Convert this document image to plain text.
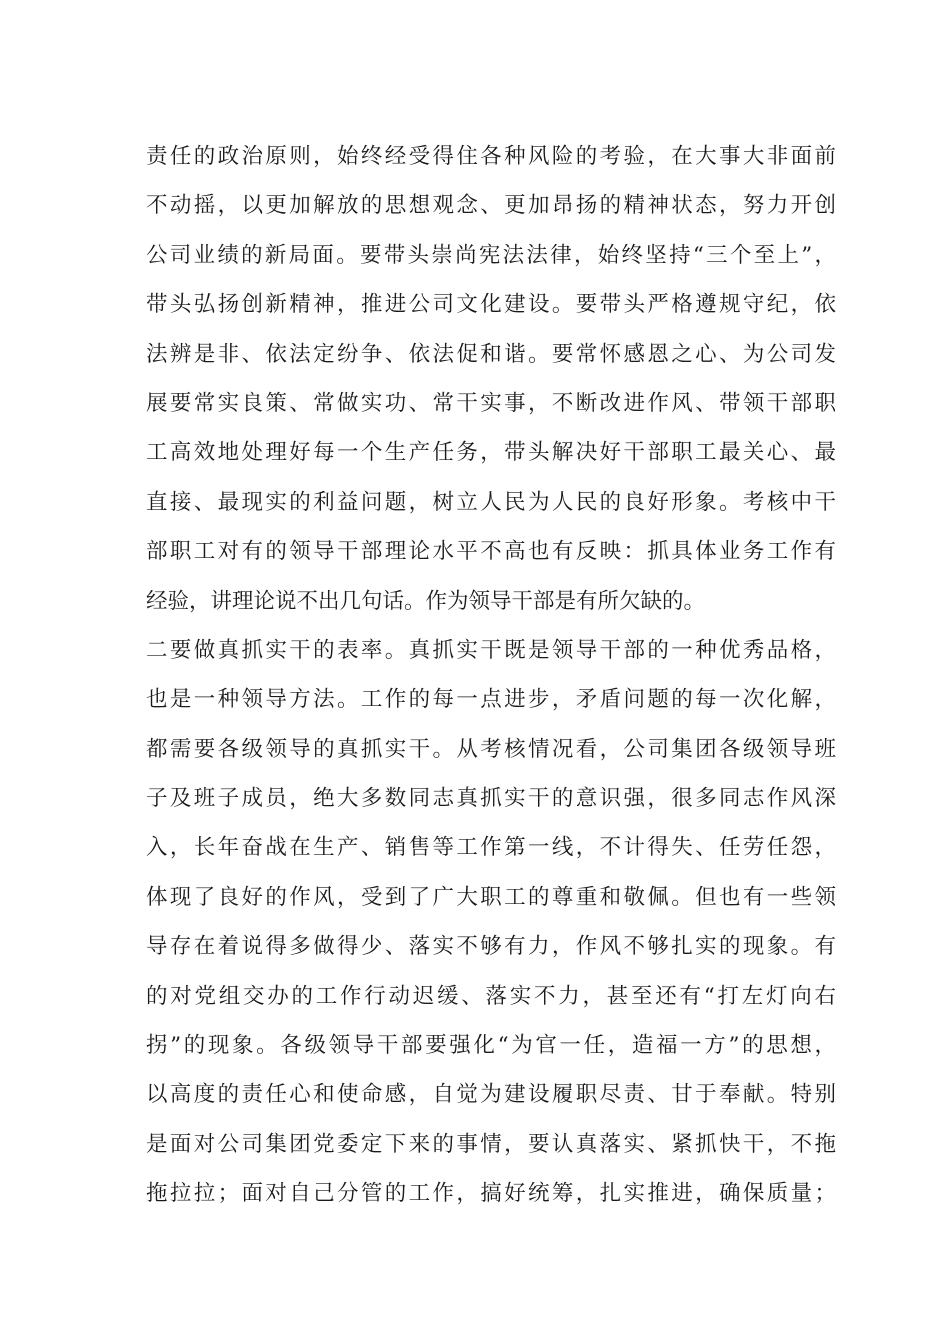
责任的政治原则，始终经受得住各种风险的考验，在大事大非面前
不动摇，以更加解放的思想观念、更加昂扬的精神状态，努力开创
公司业绩的新局面。要带头崇尚宪法法律，始终坚持“三个至上”，
带头弘扬创新精神，推进公司文化建设。要带头严格遵规守纪，依
法辨是非、依法定纷争、依法促和谐。要常怀感恩之心、为公司发
展要常实良策、常做实功、常干实事，不断改进作风、带领干部职
工高效地处理好每一个生产任务，带头解决好干部职工最关心、最
直接、最现实的利益问题，树立人民为人民的良好形象。考核中干
部职工对有的领导干部理论水平不高也有反映：抓具体业务工作有
经验，讲理论说不出几句话。作为领导干部是有所欠缺的。
二要做真抓实干的表率。真抓实干既是领导干部的一种优秀品格，
也是一种领导方法。工作的每一点进步，矛盾问题的每一次化解，
都需要各级领导的真抓实干。从考核情况看，公司集团各级领导班
子及班子成员，绝大多数同志真抓实干的意识强，很多同志作风深
入，长年奋战在生产、销售等工作第一线，不计得失、任劳任怨，
体现了良好的作风，受到了广大职工的尊重和敬佩。但也有一些领
导存在着说得多做得少、落实不够有力，作风不够扎实的现象。有
的对党组交办的工作行动迟缓、落实不力，甚至还有“打左灯向右
拐”的现象。各级领导干部要强化“为官一任，造福一方”的思想，
以高度的责任心和使命感，自觉为建设履职尽责、甘于奉献。特别
是面对公司集团党委定下来的事情，要认真落实、紧抓快干，不拖
拖拉拉；面对自己分管的工作，搞好统筹，扎实推进，确保质量；
